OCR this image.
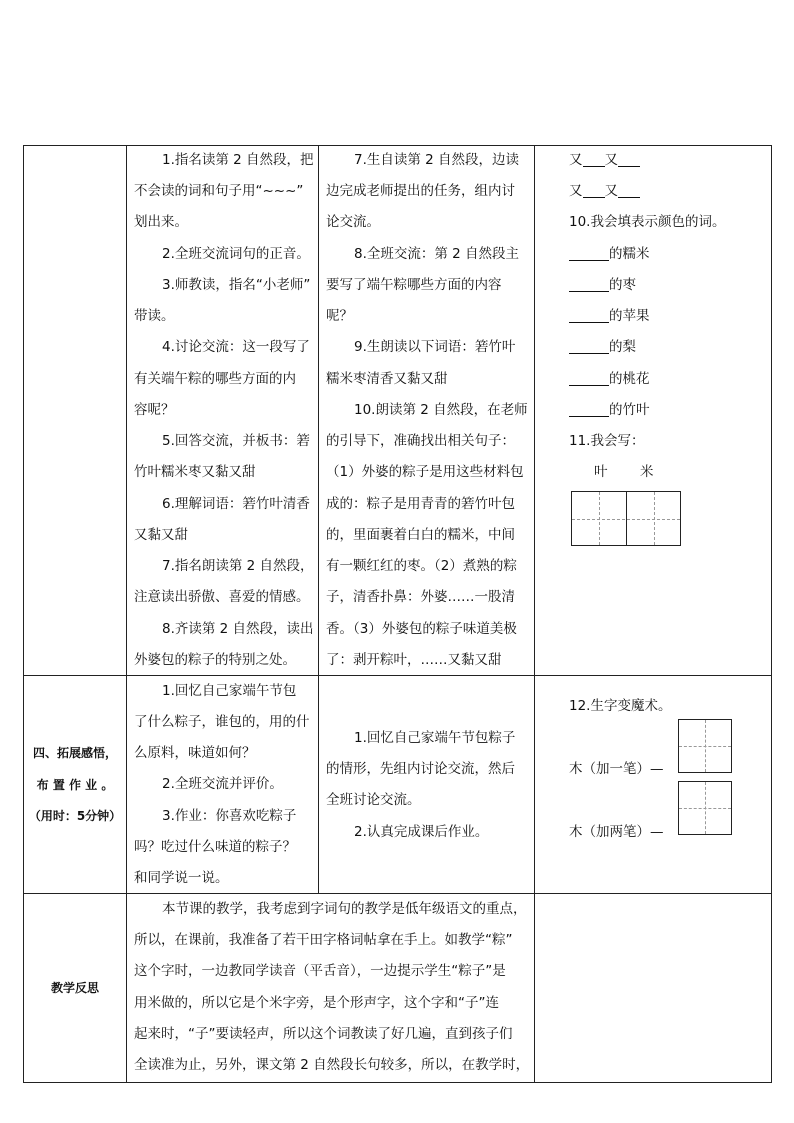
1.指名读第 2 自然段，把
不会读的词和句子用“~~~”
划出来。
2.全班交流词句的正音。
3.师教读，指名“小老师”
带读。
4.讨论交流：这一段写了
有关端午粽的哪些方面的内
容呢？
5.回答交流，并板书：箬
竹叶糯米枣又黏又甜
6.理解词语：箬竹叶清香
又黏又甜
7.指名朗读第 2 自然段，
注意读出骄傲、喜爱的情感。
8.齐读第 2 自然段，读出
外婆包的粽子的特别之处。
7.生自读第 2 自然段，边读
边完成老师提出的任务，组内讨
论交流。
8.全班交流：第 2 自然段主
要写了端午粽哪些方面的内容
呢？
9.生朗读以下词语：箬竹叶
糯米枣清香又黏又甜
10.朗读第 2 自然段，在老师
的引导下，准确找出相关句子：
（1）外婆的粽子是用这些材料包
成的：粽子是用青青的箬竹叶包
的，里面裹着白白的糯米，中间
有一颗红红的枣。（2）煮熟的粽
子，清香扑鼻：外婆……一股清
香。（3）外婆包的粽子味道美极
了：剥开粽叶，……又黏又甜
又 又
又 又
10.我会填表示颜色的词。
的糯米
的枣
的苹果
的梨
的桃花
的竹叶
11.我会写：
叶 米
四、拓展感悟，
布 置 作 业 。
（用时：5分钟）
1.回忆自己家端午节包
了什么粽子，谁包的，用的什
么原料，味道如何？
2.全班交流并评价。
3.作业：你喜欢吃粽子
吗？吃过什么味道的粽子？
和同学说一说。
1.回忆自己家端午节包粽子
的情形，先组内讨论交流，然后
全班讨论交流。
2.认真完成课后作业。
12.生字变魔术。
木（加一笔）—
木（加两笔）—
教学反思
本节课的教学，我考虑到字词句的教学是低年级语文的重点，
所以，在课前，我准备了若干田字格词帖拿在手上。如教学“粽”
这个字时，一边教同学读音（平舌音），一边提示学生“粽子”是
用米做的，所以它是个米字旁，是个形声字，这个字和“子”连
起来时，“子”要读轻声，所以这个词教读了好几遍，直到孩子们
全读准为止，另外，课文第 2 自然段长句较多，所以，在教学时，
